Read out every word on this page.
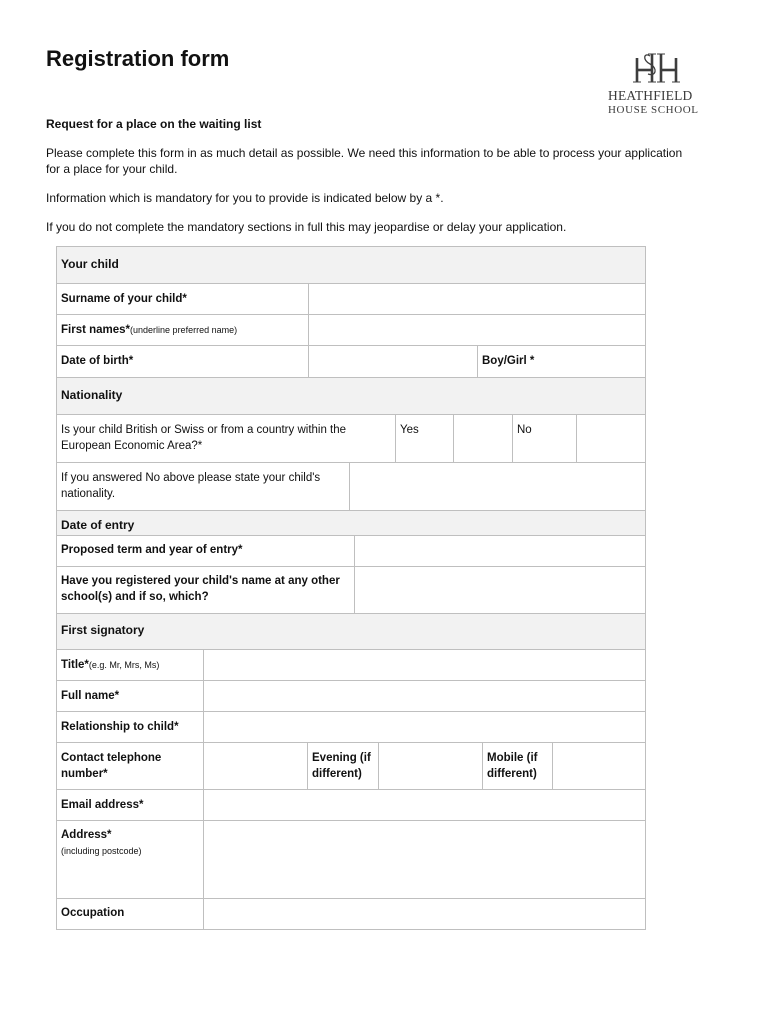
Registration form
HEATHFIELD
HOUSE SCHOOL

Request for a place on the waiting list

Please complete this form in as much detail as possible. We need this information to be able to process your application for a place for your child.

Information which is mandatory for you to provide is indicated below by a *.

If you do not complete the mandatory sections in full this may jeopardise or delay your application.

Your child
Surname of your child*
First names*(underline preferred name)
Date of birth*	Boy/Girl *
Nationality
Is your child British or Swiss or from a country within the European Economic Area?*
Yes	No
If you answered No above please state your child's nationality.
Date of entry
Proposed term and year of entry*
Have you registered your child's name at any other school(s) and if so, which?
First signatory
Title*(e.g. Mr, Mrs, Ms)
Full name*
Relationship to child*
Contact telephone number*
Evening (if different)
Mobile (if different)
Email address*
Address*
(including postcode)
Occupation
